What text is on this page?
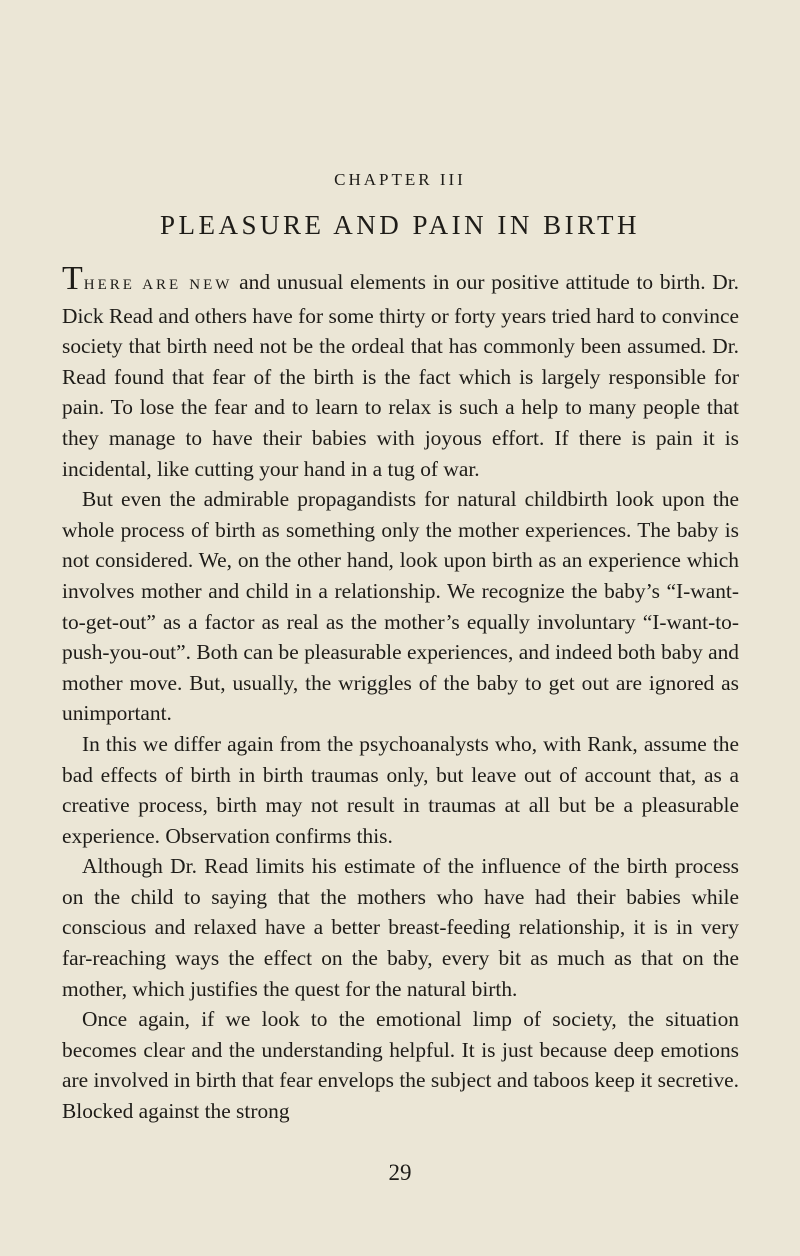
CHAPTER III
PLEASURE AND PAIN IN BIRTH

THERE ARE NEW and unusual elements in our positive attitude to birth. Dr. Dick Read and others have for some thirty or forty years tried hard to convince society that birth need not be the ordeal that has commonly been assumed. Dr. Read found that fear of the birth is the fact which is largely responsible for pain. To lose the fear and to learn to relax is such a help to many people that they manage to have their babies with joyous effort. If there is pain it is incidental, like cutting your hand in a tug of war.

But even the admirable propagandists for natural childbirth look upon the whole process of birth as something only the mother experiences. The baby is not considered. We, on the other hand, look upon birth as an experience which involves mother and child in a relationship. We recognize the baby’s “I-want-to-get-out” as a factor as real as the mother’s equally involuntary “I-want-to-push-you-out”. Both can be pleasurable experiences, and indeed both baby and mother move. But, usually, the wriggles of the baby to get out are ignored as unimportant.

In this we differ again from the psychoanalysts who, with Rank, assume the bad effects of birth in birth traumas only, but leave out of account that, as a creative process, birth may not result in traumas at all but be a pleasurable experience. Observation confirms this.

Although Dr. Read limits his estimate of the influence of the birth process on the child to saying that the mothers who have had their babies while conscious and relaxed have a better breast-feeding relationship, it is in very far-reaching ways the effect on the baby, every bit as much as that on the mother, which justifies the quest for the natural birth.

Once again, if we look to the emotional limp of society, the situation becomes clear and the understanding helpful. It is just because deep emotions are involved in birth that fear envelops the subject and taboos keep it secretive. Blocked against the strong

29
